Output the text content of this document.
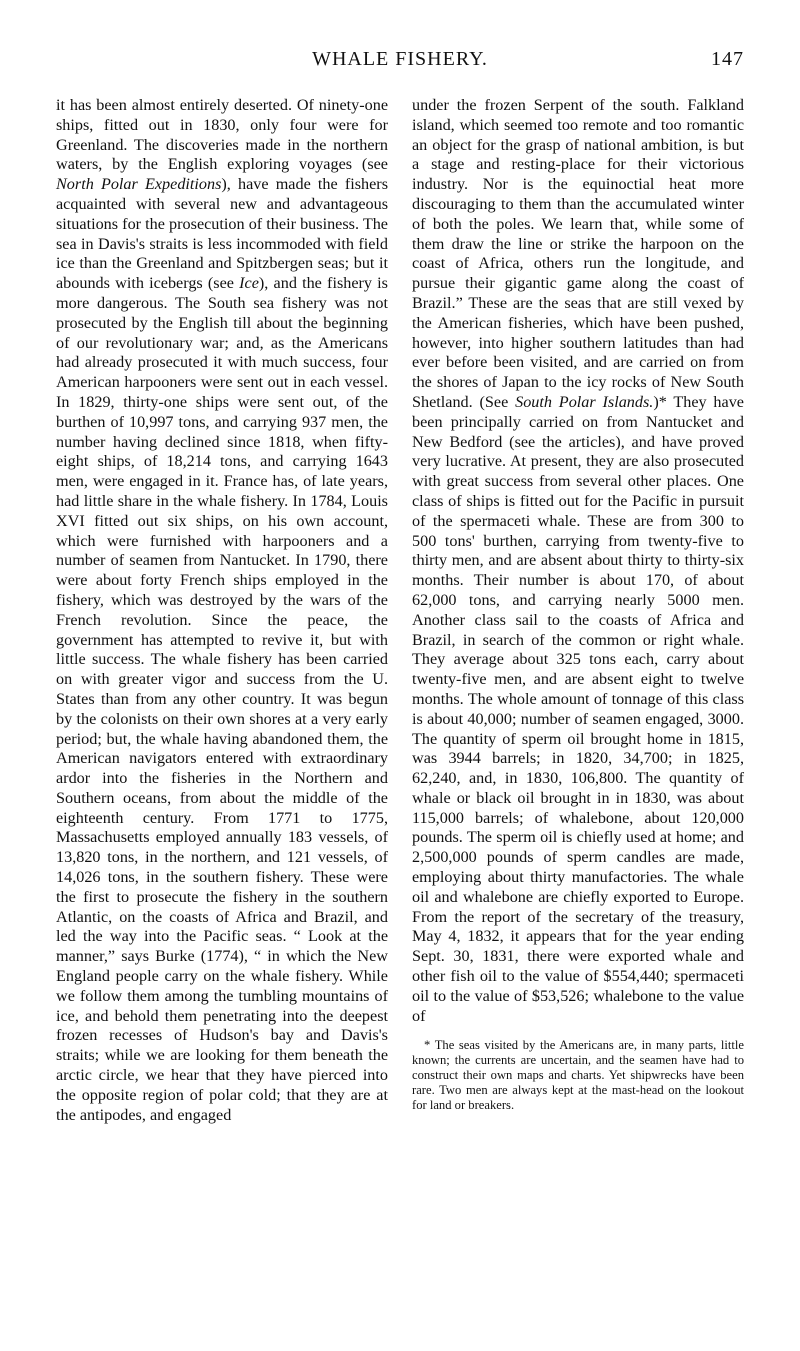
WHALE FISHERY.	147

it has been almost entirely deserted. Of ninety-one ships, fitted out in 1830, only four were for Greenland. The discoveries made in the northern waters, by the English exploring voyages (see North Polar Expeditions), have made the fishers acquainted with several new and advantageous situations for the prosecution of their business. The sea in Davis's straits is less incommoded with field ice than the Greenland and Spitzbergen seas; but it abounds with icebergs (see Ice), and the fishery is more dangerous. The South sea fishery was not prosecuted by the English till about the beginning of our revolutionary war; and, as the Americans had already prosecuted it with much success, four American harpooners were sent out in each vessel. In 1829, thirty-one ships were sent out, of the burthen of 10,997 tons, and carrying 937 men, the number having declined since 1818, when fifty-eight ships, of 18,214 tons, and carrying 1643 men, were engaged in it. France has, of late years, had little share in the whale fishery. In 1784, Louis XVI fitted out six ships, on his own account, which were furnished with harpooners and a number of seamen from Nantucket. In 1790, there were about forty French ships employed in the fishery, which was destroyed by the wars of the French revolution. Since the peace, the government has attempted to revive it, but with little success. The whale fishery has been carried on with greater vigor and success from the U. States than from any other country. It was begun by the colonists on their own shores at a very early period; but, the whale having abandoned them, the American navigators entered with extraordinary ardor into the fisheries in the Northern and Southern oceans, from about the middle of the eighteenth century. From 1771 to 1775, Massachusetts employed annually 183 vessels, of 13,820 tons, in the northern, and 121 vessels, of 14,026 tons, in the southern fishery. These were the first to prosecute the fishery in the southern Atlantic, on the coasts of Africa and Brazil, and led the way into the Pacific seas. “ Look at the manner,” says Burke (1774), “ in which the New England people carry on the whale fishery. While we follow them among the tumbling mountains of ice, and behold them penetrating into the deepest frozen recesses of Hudson's bay and Davis's straits; while we are looking for them beneath the arctic circle, we hear that they have pierced into the opposite region of polar cold; that they are at the antipodes, and engaged

under the frozen Serpent of the south. Falkland island, which seemed too remote and too romantic an object for the grasp of national ambition, is but a stage and resting-place for their victorious industry. Nor is the equinoctial heat more discouraging to them than the accumulated winter of both the poles. We learn that, while some of them draw the line or strike the harpoon on the coast of Africa, others run the longitude, and pursue their gigantic game along the coast of Brazil.” These are the seas that are still vexed by the American fisheries, which have been pushed, however, into higher southern latitudes than had ever before been visited, and are carried on from the shores of Japan to the icy rocks of New South Shetland. (See South Polar Islands.)* They have been principally carried on from Nantucket and New Bedford (see the articles), and have proved very lucrative. At present, they are also prosecuted with great success from several other places. One class of ships is fitted out for the Pacific in pursuit of the spermaceti whale. These are from 300 to 500 tons' burthen, carrying from twenty-five to thirty men, and are absent about thirty to thirty-six months. Their number is about 170, of about 62,000 tons, and carrying nearly 5000 men. Another class sail to the coasts of Africa and Brazil, in search of the common or right whale. They average about 325 tons each, carry about twenty-five men, and are absent eight to twelve months. The whole amount of tonnage of this class is about 40,000; number of seamen engaged, 3000. The quantity of sperm oil brought home in 1815, was 3944 barrels; in 1820, 34,700; in 1825, 62,240, and, in 1830, 106,800. The quantity of whale or black oil brought in in 1830, was about 115,000 barrels; of whalebone, about 120,000 pounds. The sperm oil is chiefly used at home; and 2,500,000 pounds of sperm candles are made, employing about thirty manufactories. The whale oil and whalebone are chiefly exported to Europe. From the report of the secretary of the treasury, May 4, 1832, it appears that for the year ending Sept. 30, 1831, there were exported whale and other fish oil to the value of $554,440; spermaceti oil to the value of $53,526; whalebone to the value of

* The seas visited by the Americans are, in many parts, little known; the currents are uncertain, and the seamen have had to construct their own maps and charts. Yet shipwrecks have been rare. Two men are always kept at the mast-head on the lookout for land or breakers.
